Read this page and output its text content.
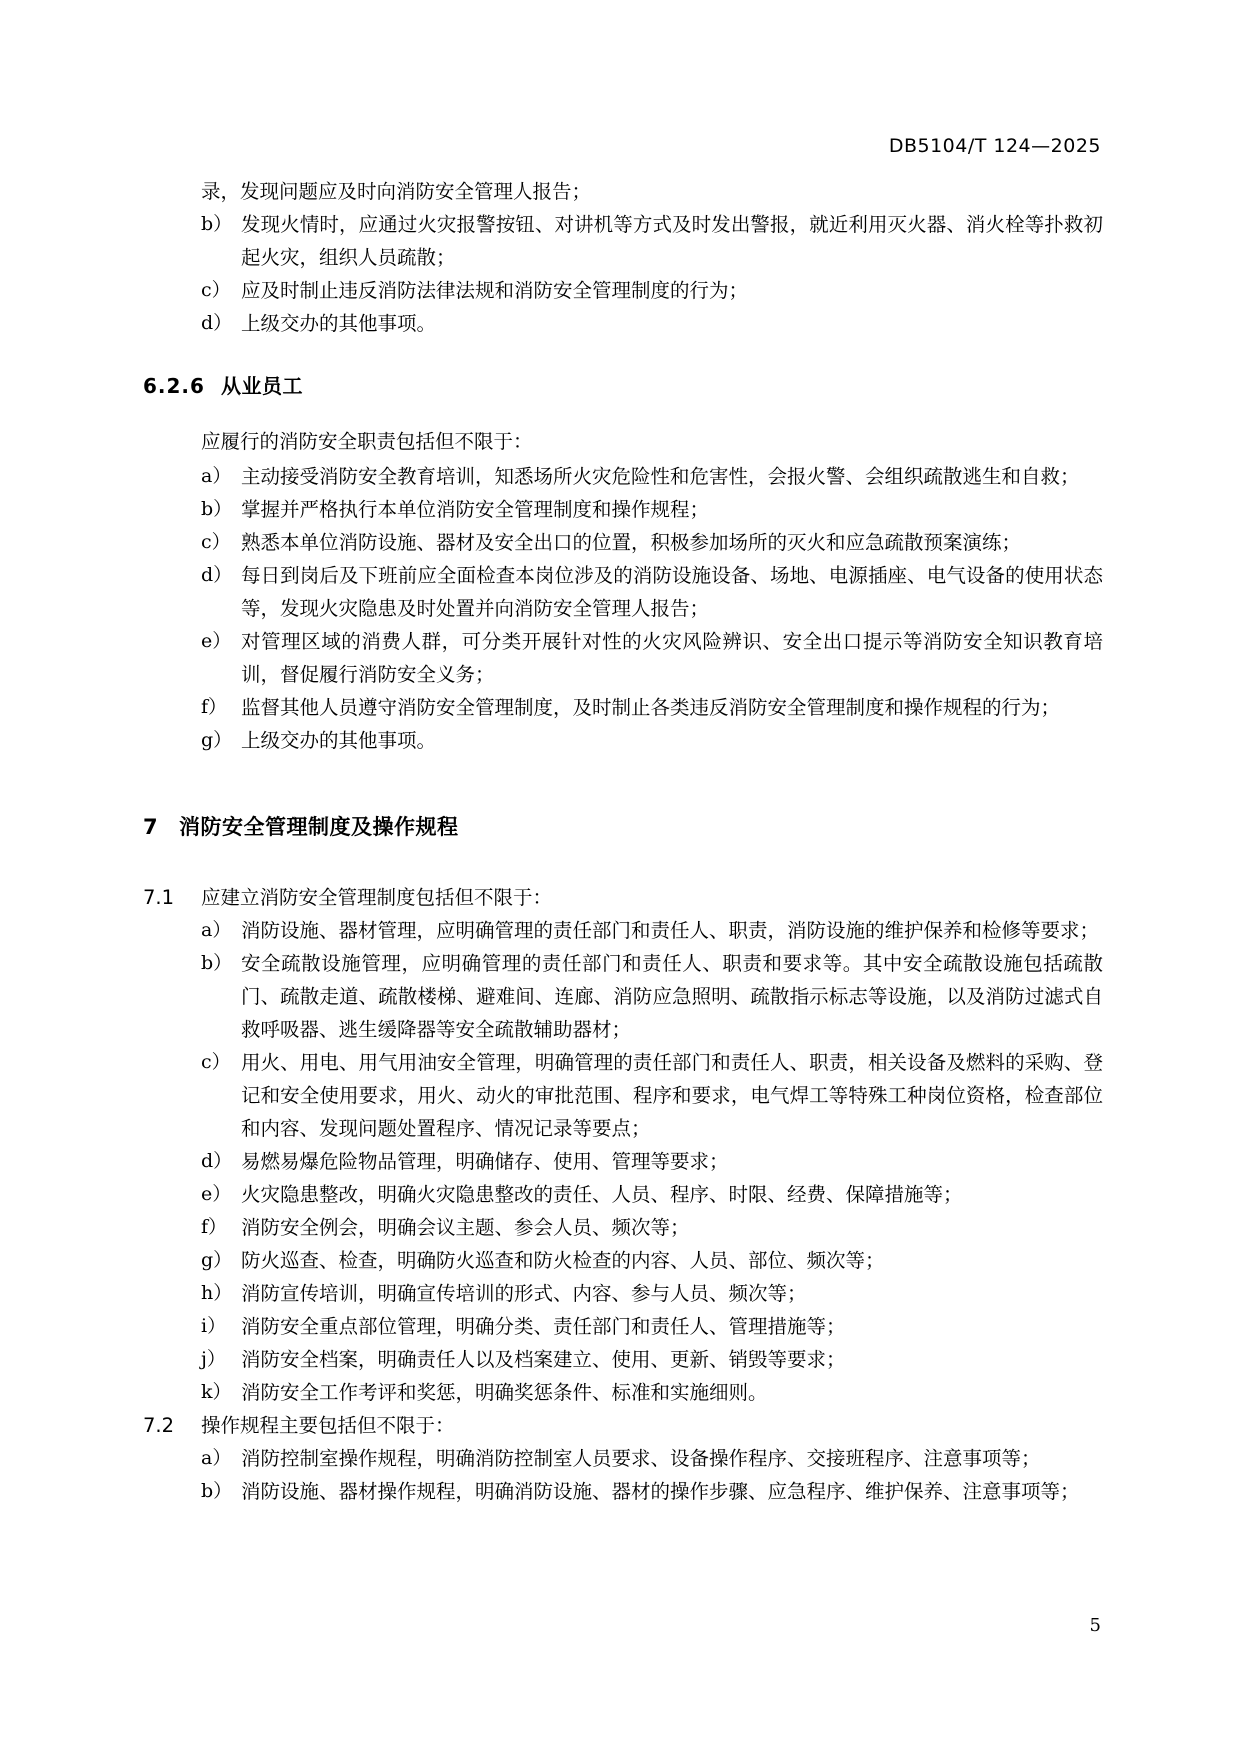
DB5104/T 124—2025
录，发现问题应及时向消防安全管理人报告；
b） 发现火情时，应通过火灾报警按钮、对讲机等方式及时发出警报，就近利用灭火器、消火栓等扑救初起火灾，组织人员疏散；
c） 应及时制止违反消防法律法规和消防安全管理制度的行为；
d） 上级交办的其他事项。
6.2.6 从业员工
应履行的消防安全职责包括但不限于：
a） 主动接受消防安全教育培训，知悉场所火灾危险性和危害性，会报火警、会组织疏散逃生和自救；
b） 掌握并严格执行本单位消防安全管理制度和操作规程；
c） 熟悉本单位消防设施、器材及安全出口的位置，积极参加场所的灭火和应急疏散预案演练；
d） 每日到岗后及下班前应全面检查本岗位涉及的消防设施设备、场地、电源插座、电气设备的使用状态等，发现火灾隐患及时处置并向消防安全管理人报告；
e） 对管理区域的消费人群，可分类开展针对性的火灾风险辨识、安全出口提示等消防安全知识教育培训，督促履行消防安全义务；
f） 监督其他人员遵守消防安全管理制度，及时制止各类违反消防安全管理制度和操作规程的行为；
g） 上级交办的其他事项。
7 消防安全管理制度及操作规程
7.1	应建立消防安全管理制度包括但不限于：
a） 消防设施、器材管理，应明确管理的责任部门和责任人、职责，消防设施的维护保养和检修等要求；
b） 安全疏散设施管理，应明确管理的责任部门和责任人、职责和要求等。其中安全疏散设施包括疏散门、疏散走道、疏散楼梯、避难间、连廊、消防应急照明、疏散指示标志等设施，以及消防过滤式自救呼吸器、逃生缓降器等安全疏散辅助器材；
c） 用火、用电、用气用油安全管理，明确管理的责任部门和责任人、职责，相关设备及燃料的采购、登记和安全使用要求，用火、动火的审批范围、程序和要求，电气焊工等特殊工种岗位资格，检查部位和内容、发现问题处置程序、情况记录等要点；
d） 易燃易爆危险物品管理，明确储存、使用、管理等要求；
e） 火灾隐患整改，明确火灾隐患整改的责任、人员、程序、时限、经费、保障措施等；
f） 消防安全例会，明确会议主题、参会人员、频次等；
g） 防火巡查、检查，明确防火巡查和防火检查的内容、人员、部位、频次等；
h） 消防宣传培训，明确宣传培训的形式、内容、参与人员、频次等；
i） 消防安全重点部位管理，明确分类、责任部门和责任人、管理措施等；
j） 消防安全档案，明确责任人以及档案建立、使用、更新、销毁等要求；
k） 消防安全工作考评和奖惩，明确奖惩条件、标准和实施细则。
7.2	操作规程主要包括但不限于：
a） 消防控制室操作规程，明确消防控制室人员要求、设备操作程序、交接班程序、注意事项等；
b） 消防设施、器材操作规程，明确消防设施、器材的操作步骤、应急程序、维护保养、注意事项等；
5
